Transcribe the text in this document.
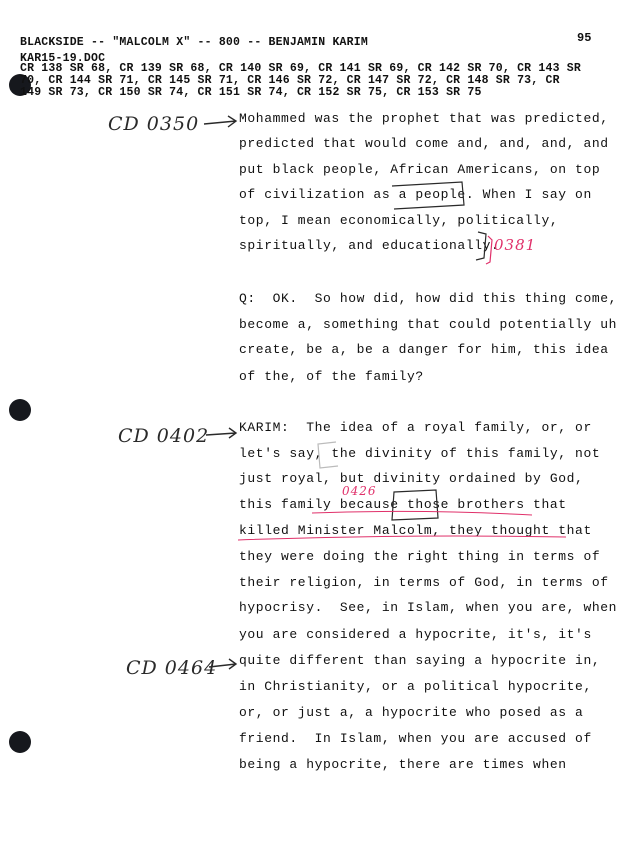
BLACKSIDE -- "MALCOLM X" -- 800 -- BENJAMIN KARIM	95
KAR15-19.DOC
CR 138 SR 68, CR 139 SR 68, CR 140 SR 69, CR 141 SR 69, CR 142 SR 70, CR 143 SR
70, CR 144 SR 71, CR 145 SR 71, CR 146 SR 72, CR 147 SR 72, CR 148 SR 73, CR
149 SR 73, CR 150 SR 74, CR 151 SR 74, CR 152 SR 75, CR 153 SR 75
Mohammed was the prophet that was predicted,
predicted that would come and, and, and, and
put black people, African Americans, on top
of civilization as a people. When I say on
top, I mean economically, politically,
spiritually, and educationally.
Q:  OK.  So how did, how did this thing come,
become a, something that could potentially uh
create, be a, be a danger for him, this idea
of the, of the family?
KARIM:  The idea of a royal family, or, or
let's say, the divinity of this family, not
just royal, but divinity ordained by God,
this family because those brothers that
killed Minister Malcolm, they thought that
they were doing the right thing in terms of
their religion, in terms of God, in terms of
hypocrisy.  See, in Islam, when you are, when
you are considered a hypocrite, it's, it's
quite different than saying a hypocrite in,
in Christianity, or a political hypocrite,
or, or just a, a hypocrite who posed as a
friend.  In Islam, when you are accused of
being a hypocrite, there are times when
CD 0350
0381
CD 0402
0426
CD 0464
